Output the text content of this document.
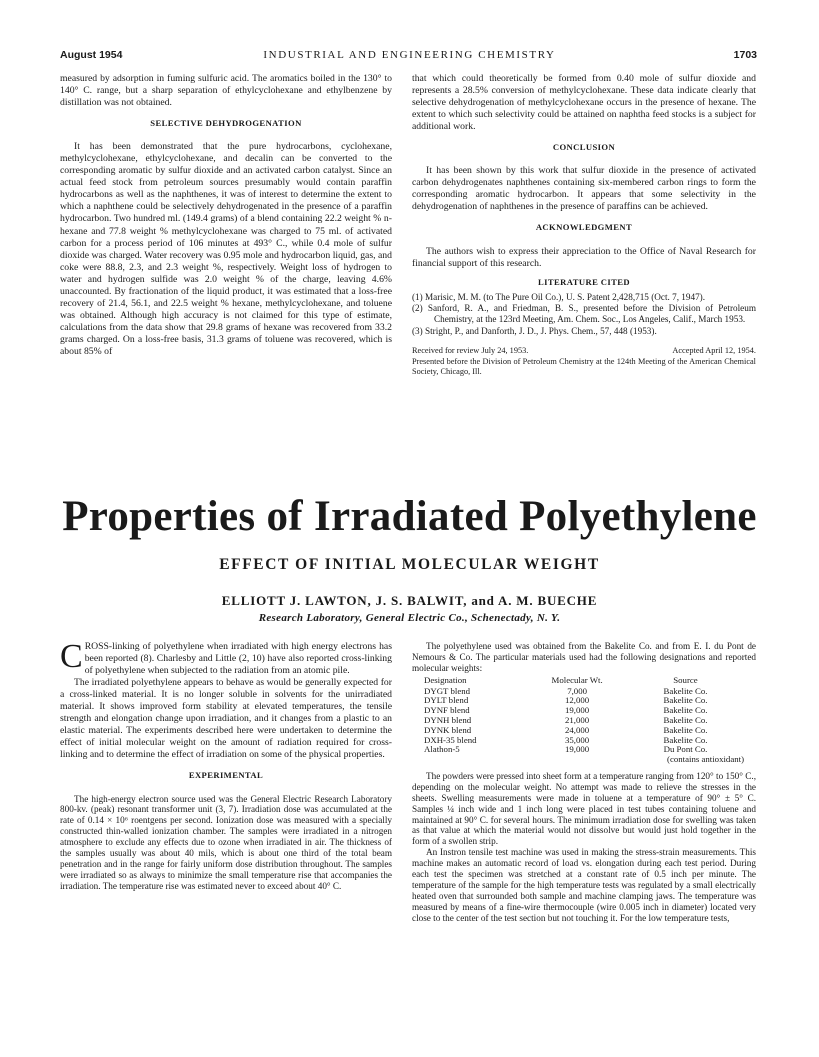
INDUSTRIAL AND ENGINEERING CHEMISTRY
August 1954	1703

measured by adsorption in fuming sulfuric acid. The aromatics boiled in the 130° to 140° C. range, but a sharp separation of ethylcyclohexane and ethylbenzene by distillation was not obtained.

SELECTIVE DEHYDROGENATION

It has been demonstrated that the pure hydrocarbons, cyclohexane, methylcyclohexane, ethylcyclohexane, and decalin can be converted to the corresponding aromatic by sulfur dioxide and an activated carbon catalyst. Since an actual feed stock from petroleum sources presumably would contain paraffin hydrocarbons as well as the naphthenes, it was of interest to determine the extent to which a naphthene could be selectively dehydrogenated in the presence of a paraffin hydrocarbon. Two hundred ml. (149.4 grams) of a blend containing 22.2 weight % n-hexane and 77.8 weight % methylcyclohexane was charged to 75 ml. of activated carbon for a process period of 106 minutes at 493° C., while 0.4 mole of sulfur dioxide was charged. Water recovery was 0.95 mole and hydrocarbon liquid, gas, and coke were 88.8, 2.3, and 2.3 weight %, respectively. Weight loss of hydrogen to water and hydrogen sulfide was 2.0 weight % of the charge, leaving 4.6% unaccounted. By fractionation of the liquid product, it was estimated that a loss-free recovery of 21.4, 56.1, and 22.5 weight % hexane, methylcyclohexane, and toluene was obtained. Although high accuracy is not claimed for this type of estimate, calculations from the data show that 29.8 grams of hexane was recovered from 33.2 grams charged. On a loss-free basis, 31.3 grams of toluene was recovered, which is about 85% of

that which could theoretically be formed from 0.40 mole of sulfur dioxide and represents a 28.5% conversion of methylcyclohexane. These data indicate clearly that selective dehydrogenation of methylcyclohexane occurs in the presence of hexane. The extent to which such selectivity could be attained on naphtha feed stocks is a subject for additional work.

CONCLUSION

It has been shown by this work that sulfur dioxide in the presence of activated carbon dehydrogenates naphthenes containing six-membered carbon rings to form the corresponding aromatic hydrocarbon. It appears that some selectivity in the dehydrogenation of naphthenes in the presence of paraffins can be achieved.

ACKNOWLEDGMENT

The authors wish to express their appreciation to the Office of Naval Research for financial support of this research.

LITERATURE CITED
(1) Marisic, M. M. (to The Pure Oil Co.), U. S. Patent 2,428,715 (Oct. 7, 1947).
(2) Sanford, R. A., and Friedman, B. S., presented before the Division of Petroleum Chemistry, at the 123rd Meeting, Am. Chem. Soc., Los Angeles, Calif., March 1953.
(3) Stright, P., and Danforth, J. D., J. Phys. Chem., 57, 448 (1953).
Accepted April 12, 1954.
Received for review July 24, 1953.
Presented before the Division of Petroleum Chemistry at the 124th Meeting of the American Chemical Society, Chicago, Ill.
Properties of Irradiated Polyethylene
EFFECT OF INITIAL MOLECULAR WEIGHT
ELLIOTT J. LAWTON, J. S. BALWIT, and A. M. BUECHE
Research Laboratory, General Electric Co., Schenectady, N. Y.

CROSS-linking of polyethylene when irradiated with high energy electrons has been reported (8). Charlesby and Little (2, 10) have also reported cross-linking of polyethylene when subjected to the radiation from an atomic pile.

The irradiated polyethylene appears to behave as would be generally expected for a cross-linked material. It is no longer soluble in solvents for the unirradiated material. It shows improved form stability at elevated temperatures, the tensile strength and elongation change upon irradiation, and it changes from a plastic to an elastic material. The experiments described here were undertaken to determine the effect of initial molecular weight on the amount of radiation required for cross-linking and to determine the effect of irradiation on some of the physical properties.

EXPERIMENTAL

The high-energy electron source used was the General Electric Research Laboratory 800-kv. (peak) resonant transformer unit (3, 7). Irradiation dose was accumulated at the rate of 0.14 × 10⁶ roentgens per second. Ionization dose was measured with a specially constructed thin-walled ionization chamber. The samples were irradiated in a nitrogen atmosphere to exclude any effects due to ozone when irradiated in air. The thickness of the samples usually was about 40 mils, which is about one third of the total beam penetration and in the range for fairly uniform dose distribution throughout. The samples were irradiated so as always to minimize the small temperature rise that accompanies the irradiation. The temperature rise was estimated never to exceed about 40° C.

The polyethylene used was obtained from the Bakelite Co. and from E. I. du Pont de Nemours & Co. The particular materials used had the following designations and reported molecular weights:

Designation	Molecular Wt.	Source
DYGT blend	7,000	Bakelite Co.
DYLT blend	12,000	Bakelite Co.
DYNF blend	19,000	Bakelite Co.
DYNH blend	21,000	Bakelite Co.
DYNK blend	24,000	Bakelite Co.
DXH-35 blend	35,000	Bakelite Co.
Alathon-5	19,000	Du Pont Co.
(contains antioxidant)		

The powders were pressed into sheet form at a temperature ranging from 120° to 150° C., depending on the molecular weight. No attempt was made to relieve the stresses in the sheets. Swelling measurements were made in toluene at a temperature of 90° ± 5° C. Samples ¼ inch wide and 1 inch long were placed in test tubes containing toluene and maintained at 90° C. for several hours. The minimum irradiation dose for swelling was taken as that value at which the material would not dissolve but would just hold together in the form of a swollen strip.

An Instron tensile test machine was used in making the stress-strain measurements. This machine makes an automatic record of load vs. elongation during each test period. During each test the specimen was stretched at a constant rate of 0.5 inch per minute. The temperature of the sample for the high temperature tests was regulated by a small electrically heated oven that surrounded both sample and machine clamping jaws. The temperature was measured by means of a fine-wire thermocouple (wire 0.005 inch in diameter) located very close to the center of the test section but not touching it. For the low temperature tests,
